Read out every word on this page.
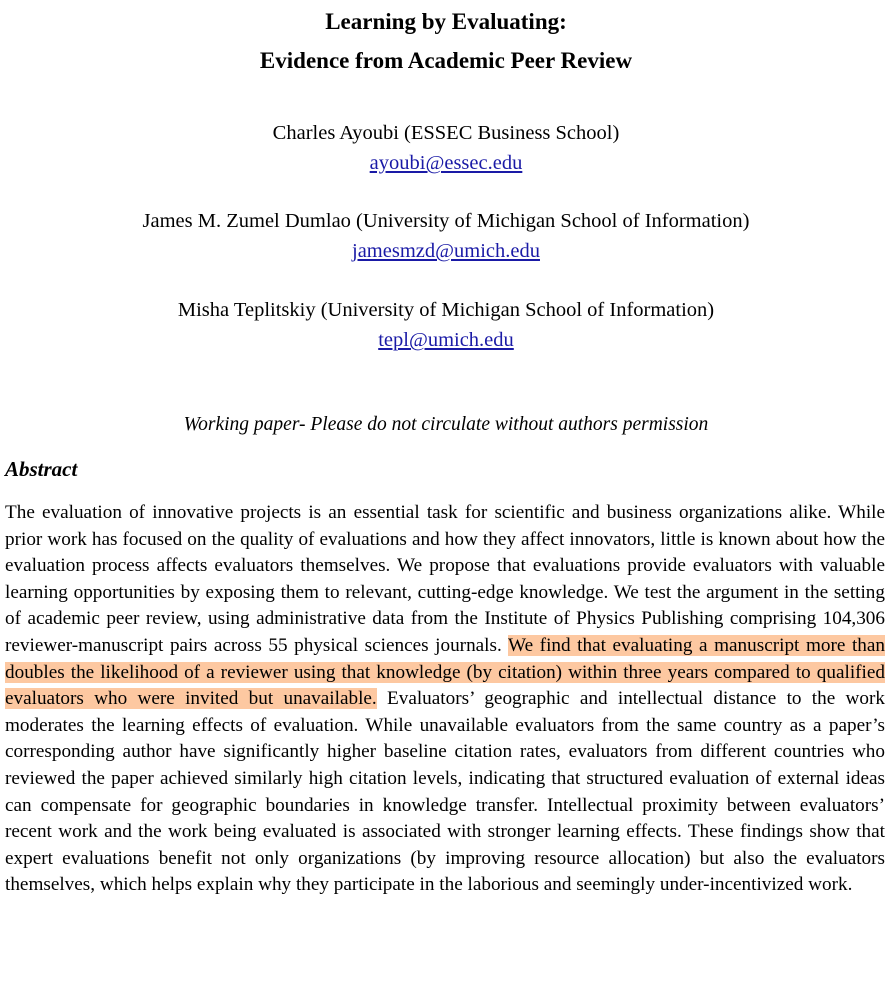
Learning by Evaluating:
Evidence from Academic Peer Review
Charles Ayoubi (ESSEC Business School)
ayoubi@essec.edu
James M. Zumel Dumlao (University of Michigan School of Information)
jamesmzd@umich.edu
Misha Teplitskiy (University of Michigan School of Information)
tepl@umich.edu
Working paper- Please do not circulate without authors permission
Abstract
The evaluation of innovative projects is an essential task for scientific and business organizations alike. While prior work has focused on the quality of evaluations and how they affect innovators, little is known about how the evaluation process affects evaluators themselves. We propose that evaluations provide evaluators with valuable learning opportunities by exposing them to relevant, cutting-edge knowledge. We test the argument in the setting of academic peer review, using administrative data from the Institute of Physics Publishing comprising 104,306 reviewer-manuscript pairs across 55 physical sciences journals. We find that evaluating a manuscript more than doubles the likelihood of a reviewer using that knowledge (by citation) within three years compared to qualified evaluators who were invited but unavailable. Evaluators’ geographic and intellectual distance to the work moderates the learning effects of evaluation. While unavailable evaluators from the same country as a paper’s corresponding author have significantly higher baseline citation rates, evaluators from different countries who reviewed the paper achieved similarly high citation levels, indicating that structured evaluation of external ideas can compensate for geographic boundaries in knowledge transfer. Intellectual proximity between evaluators’ recent work and the work being evaluated is associated with stronger learning effects. These findings show that expert evaluations benefit not only organizations (by improving resource allocation) but also the evaluators themselves, which helps explain why they participate in the laborious and seemingly under-incentivized work.
